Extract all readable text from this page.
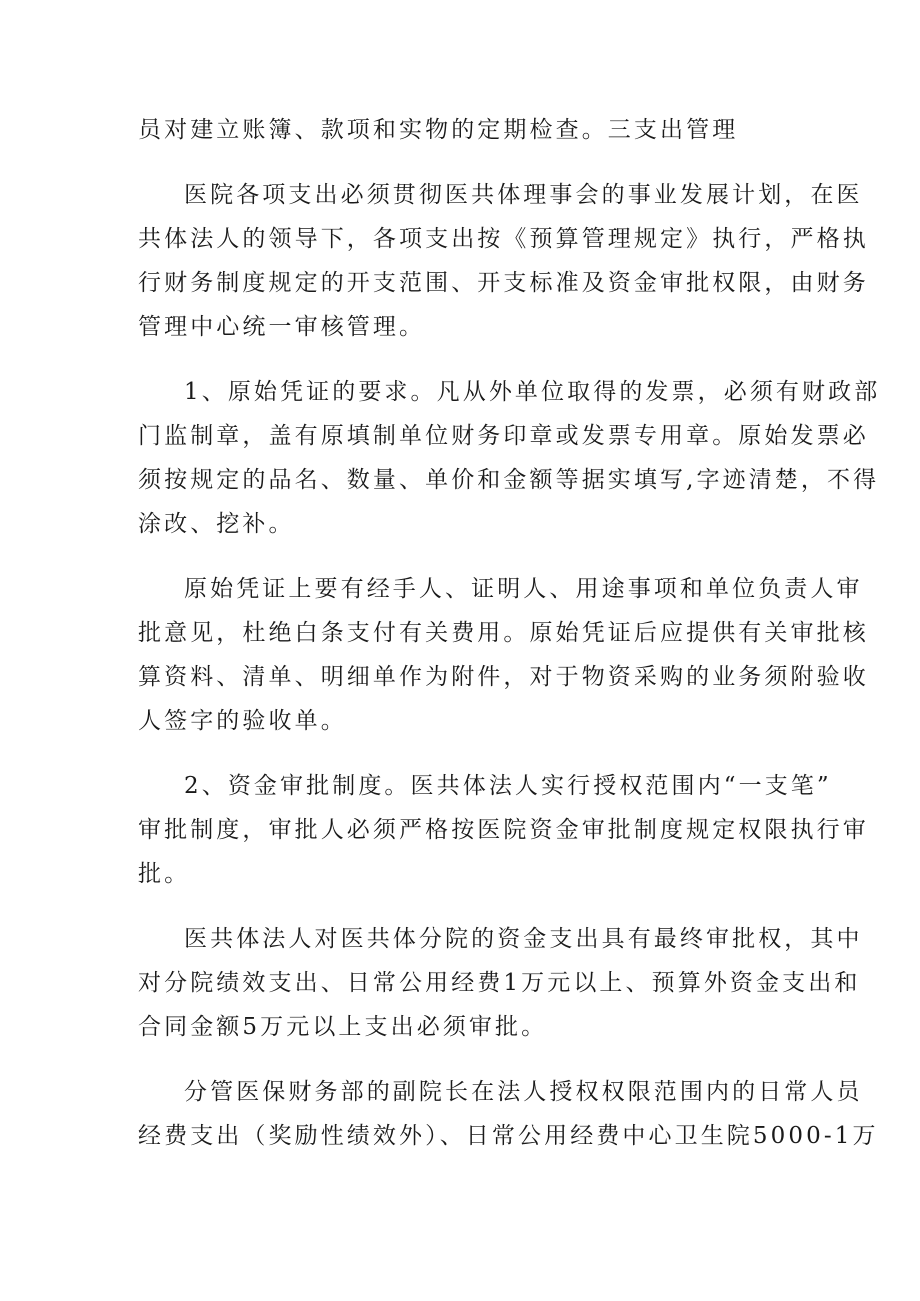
员对建立账簿、款项和实物的定期检查。三支出管理
医院各项支出必须贯彻医共体理事会的事业发展计划，在医
共体法人的领导下，各项支出按《预算管理规定》执行，严格执
行财务制度规定的开支范围、开支标准及资金审批权限，由财务
管理中心统一审核管理。
1、原始凭证的要求。凡从外单位取得的发票，必须有财政部
门监制章，盖有原填制单位财务印章或发票专用章。原始发票必
须按规定的品名、数量、单价和金额等据实填写,字迹清楚，不得
涂改、挖补。
原始凭证上要有经手人、证明人、用途事项和单位负责人审
批意见，杜绝白条支付有关费用。原始凭证后应提供有关审批核
算资料、清单、明细单作为附件，对于物资采购的业务须附验收
人签字的验收单。
2、资金审批制度。医共体法人实行授权范围内“一支笔”
审批制度，审批人必须严格按医院资金审批制度规定权限执行审
批。
医共体法人对医共体分院的资金支出具有最终审批权，其中
对分院绩效支出、日常公用经费1万元以上、预算外资金支出和
合同金额5万元以上支出必须审批。
分管医保财务部的副院长在法人授权权限范围内的日常人员
经费支出（奖励性绩效外）、日常公用经费中心卫生院5000-1万
